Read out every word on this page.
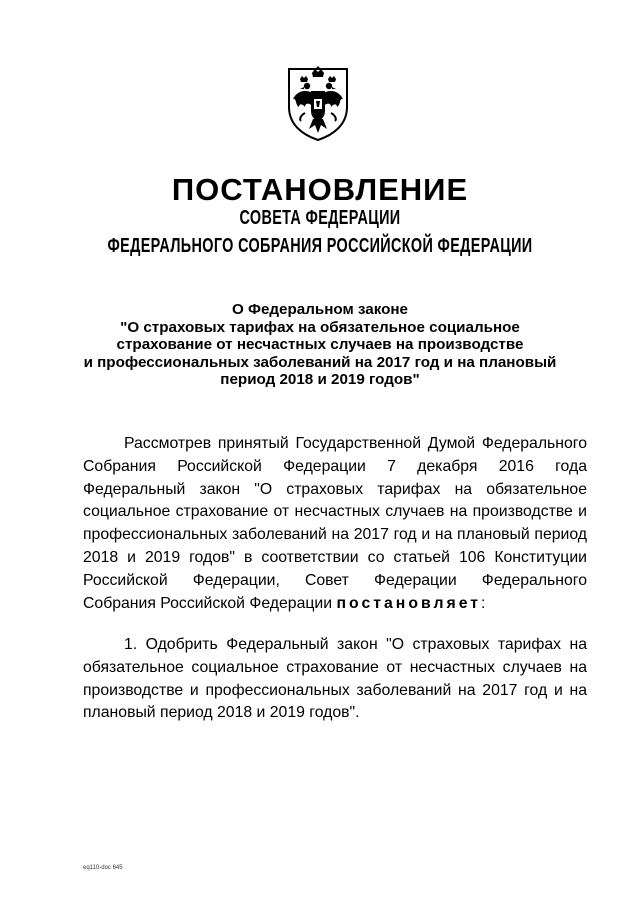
ПОСТАНОВЛЕНИЕ
СОВЕТА ФЕДЕРАЦИИ
ФЕДЕРАЛЬНОГО СОБРАНИЯ РОССИЙСКОЙ ФЕДЕРАЦИИ
О Федеральном законе
"О страховых тарифах на обязательное социальное
страхование от несчастных случаев на производстве
и профессиональных заболеваний на 2017 год и на плановый
период 2018 и 2019 годов"
Рассмотрев принятый Государственной Думой Федерального
Собрания Российской Федерации 7 декабря 2016 года
Федеральный закон "О страховых тарифах на обязательное
социальное страхование от несчастных случаев на производстве и
профессиональных заболеваний на 2017 год и на плановый период
2018 и 2019 годов" в соответствии со статьей 106 Конституции
Российской Федерации, Совет Федерации Федерального
Собрания Российской Федерации постановляет:
1. Одобрить Федеральный закон "О страховых тарифах на
обязательное социальное страхование от несчастных случаев на
производстве и профессиональных заболеваний на 2017 год и на
плановый период 2018 и 2019 годов".
eq110-doc 645
